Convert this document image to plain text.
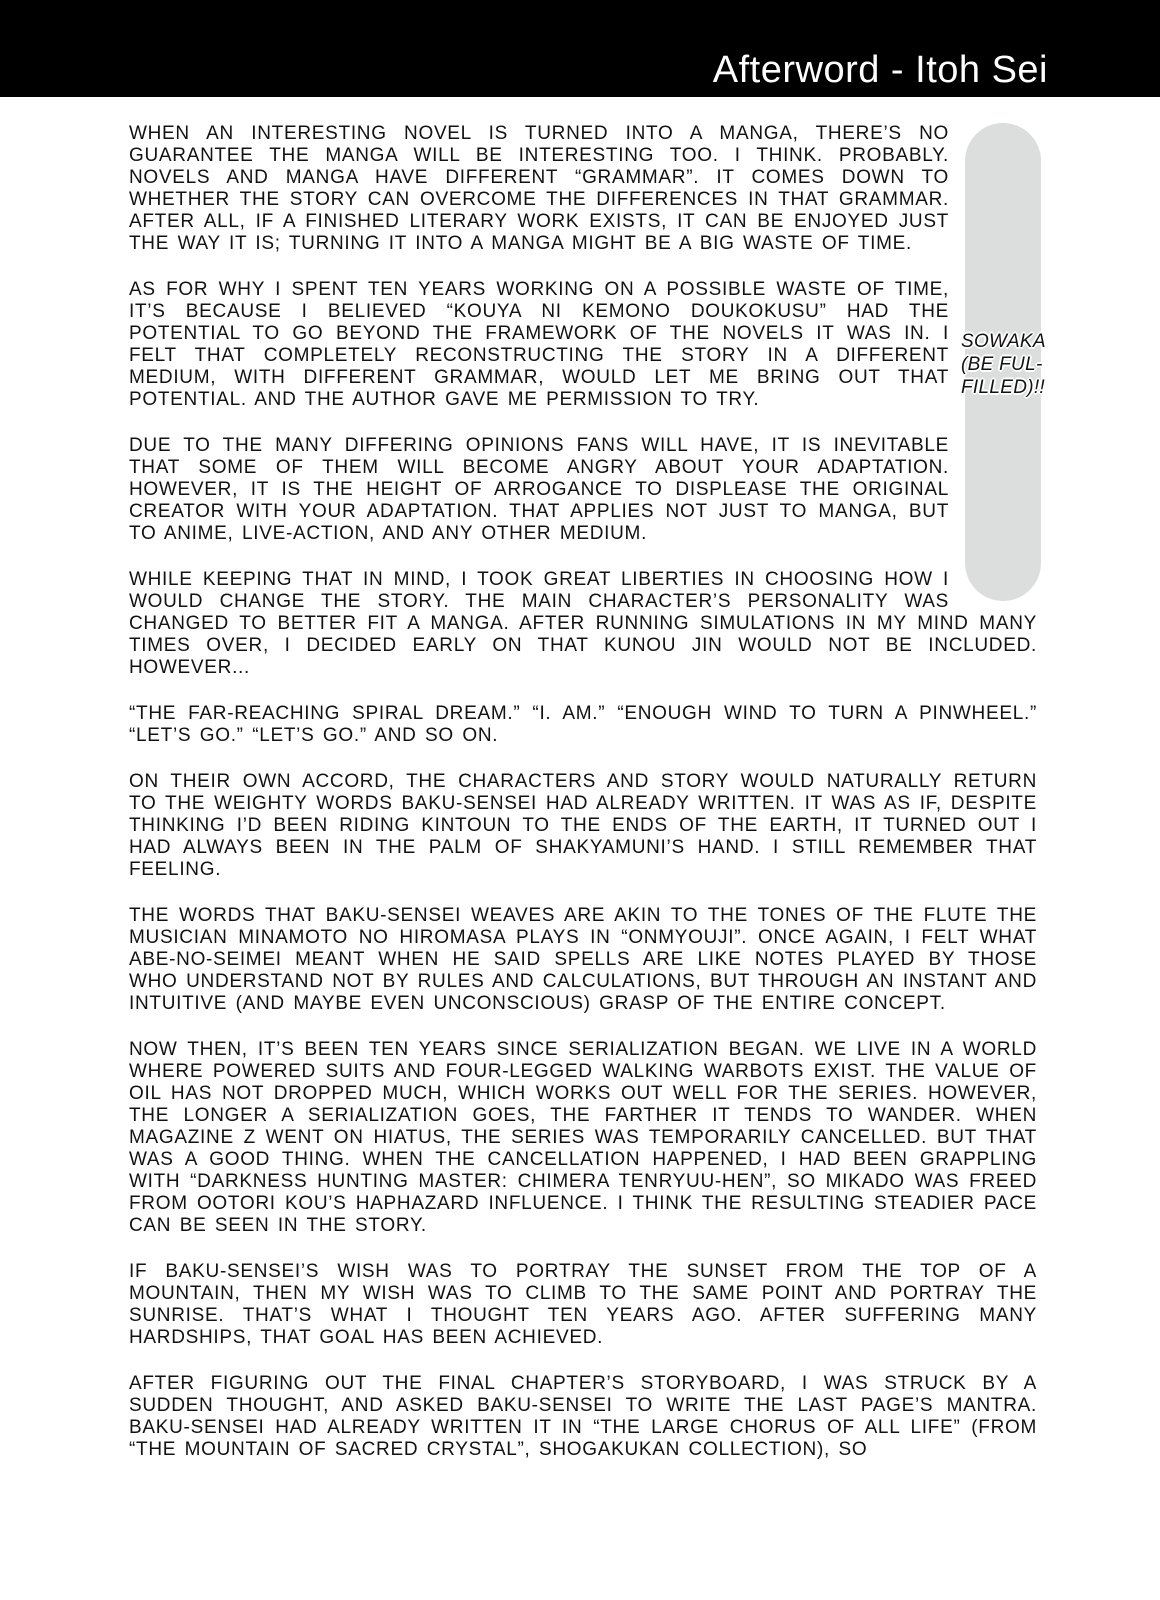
Afterword - Itoh Sei

WHEN AN INTERESTING NOVEL IS TURNED INTO A MANGA, THERE’S NO GUARANTEE THE MANGA WILL BE INTERESTING TOO. I THINK. PROBABLY. NOVELS AND MANGA HAVE DIFFERENT “GRAMMAR”. IT COMES DOWN TO WHETHER THE STORY CAN OVERCOME THE DIFFERENCES IN THAT GRAMMAR. AFTER ALL, IF A FINISHED LITERARY WORK EXISTS, IT CAN BE ENJOYED JUST THE WAY IT IS; TURNING IT INTO A MANGA MIGHT BE A BIG WASTE OF TIME.

AS FOR WHY I SPENT TEN YEARS WORKING ON A POSSIBLE WASTE OF TIME, IT’S BECAUSE I BELIEVED “KOUYA NI KEMONO DOUKOKUSU” HAD THE POTENTIAL TO GO BEYOND THE FRAMEWORK OF THE NOVELS IT WAS IN. I FELT THAT COMPLETELY RECONSTRUCTING THE STORY IN A DIFFERENT MEDIUM, WITH DIFFERENT GRAMMAR, WOULD LET ME BRING OUT THAT POTENTIAL. AND THE AUTHOR GAVE ME PERMISSION TO TRY.

DUE TO THE MANY DIFFERING OPINIONS FANS WILL HAVE, IT IS INEVITABLE THAT SOME OF THEM WILL BECOME ANGRY ABOUT YOUR ADAPTATION. HOWEVER, IT IS THE HEIGHT OF ARROGANCE TO DISPLEASE THE ORIGINAL CREATOR WITH YOUR ADAPTATION. THAT APPLIES NOT JUST TO MANGA, BUT TO ANIME, LIVE-ACTION, AND ANY OTHER MEDIUM.

WHILE KEEPING THAT IN MIND, I TOOK GREAT LIBERTIES IN CHOOSING HOW I WOULD CHANGE THE STORY. THE MAIN CHARACTER’S PERSONALITY WAS CHANGED TO BETTER FIT A MANGA. AFTER RUNNING SIMULATIONS IN MY MIND MANY TIMES OVER, I DECIDED EARLY ON THAT KUNOU JIN WOULD NOT BE INCLUDED. HOWEVER...

“THE FAR-REACHING SPIRAL DREAM.” “I. AM.” “ENOUGH WIND TO TURN A PINWHEEL.” “LET’S GO.” “LET’S GO.” AND SO ON.

ON THEIR OWN ACCORD, THE CHARACTERS AND STORY WOULD NATURALLY RETURN TO THE WEIGHTY WORDS BAKU-SENSEI HAD ALREADY WRITTEN. IT WAS AS IF, DESPITE THINKING I’D BEEN RIDING KINTOUN TO THE ENDS OF THE EARTH, IT TURNED OUT I HAD ALWAYS BEEN IN THE PALM OF SHAKYAMUNI’S HAND. I STILL REMEMBER THAT FEELING.

THE WORDS THAT BAKU-SENSEI WEAVES ARE AKIN TO THE TONES OF THE FLUTE THE MUSICIAN MINAMOTO NO HIROMASA PLAYS IN “ONMYOUJI”. ONCE AGAIN, I FELT WHAT ABE-NO-SEIMEI MEANT WHEN HE SAID SPELLS ARE LIKE NOTES PLAYED BY THOSE WHO UNDERSTAND NOT BY RULES AND CALCULATIONS, BUT THROUGH AN INSTANT AND INTUITIVE (AND MAYBE EVEN UNCONSCIOUS) GRASP OF THE ENTIRE CONCEPT.

NOW THEN, IT’S BEEN TEN YEARS SINCE SERIALIZATION BEGAN. WE LIVE IN A WORLD WHERE POWERED SUITS AND FOUR-LEGGED WALKING WARBOTS EXIST. THE VALUE OF OIL HAS NOT DROPPED MUCH, WHICH WORKS OUT WELL FOR THE SERIES. HOWEVER, THE LONGER A SERIALIZATION GOES, THE FARTHER IT TENDS TO WANDER. WHEN MAGAZINE Z WENT ON HIATUS, THE SERIES WAS TEMPORARILY CANCELLED. BUT THAT WAS A GOOD THING. WHEN THE CANCELLATION HAPPENED, I HAD BEEN GRAPPLING WITH “DARKNESS HUNTING MASTER: CHIMERA TENRYUU-HEN”, SO MIKADO WAS FREED FROM OOTORI KOU’S HAPHAZARD INFLUENCE. I THINK THE RESULTING STEADIER PACE CAN BE SEEN IN THE STORY.

IF BAKU-SENSEI’S WISH WAS TO PORTRAY THE SUNSET FROM THE TOP OF A MOUNTAIN, THEN MY WISH WAS TO CLIMB TO THE SAME POINT AND PORTRAY THE SUNRISE. THAT’S WHAT I THOUGHT TEN YEARS AGO. AFTER SUFFERING MANY HARDSHIPS, THAT GOAL HAS BEEN ACHIEVED.

AFTER FIGURING OUT THE FINAL CHAPTER’S STORYBOARD, I WAS STRUCK BY A SUDDEN THOUGHT, AND ASKED BAKU-SENSEI TO WRITE THE LAST PAGE’S MANTRA. BAKU-SENSEI HAD ALREADY WRITTEN IT IN “THE LARGE CHORUS OF ALL LIFE” (FROM “THE MOUNTAIN OF SACRED CRYSTAL”, SHOGAKUKAN COLLECTION), SO

SOWAKA
(BE FUL-
FILLED)!!
